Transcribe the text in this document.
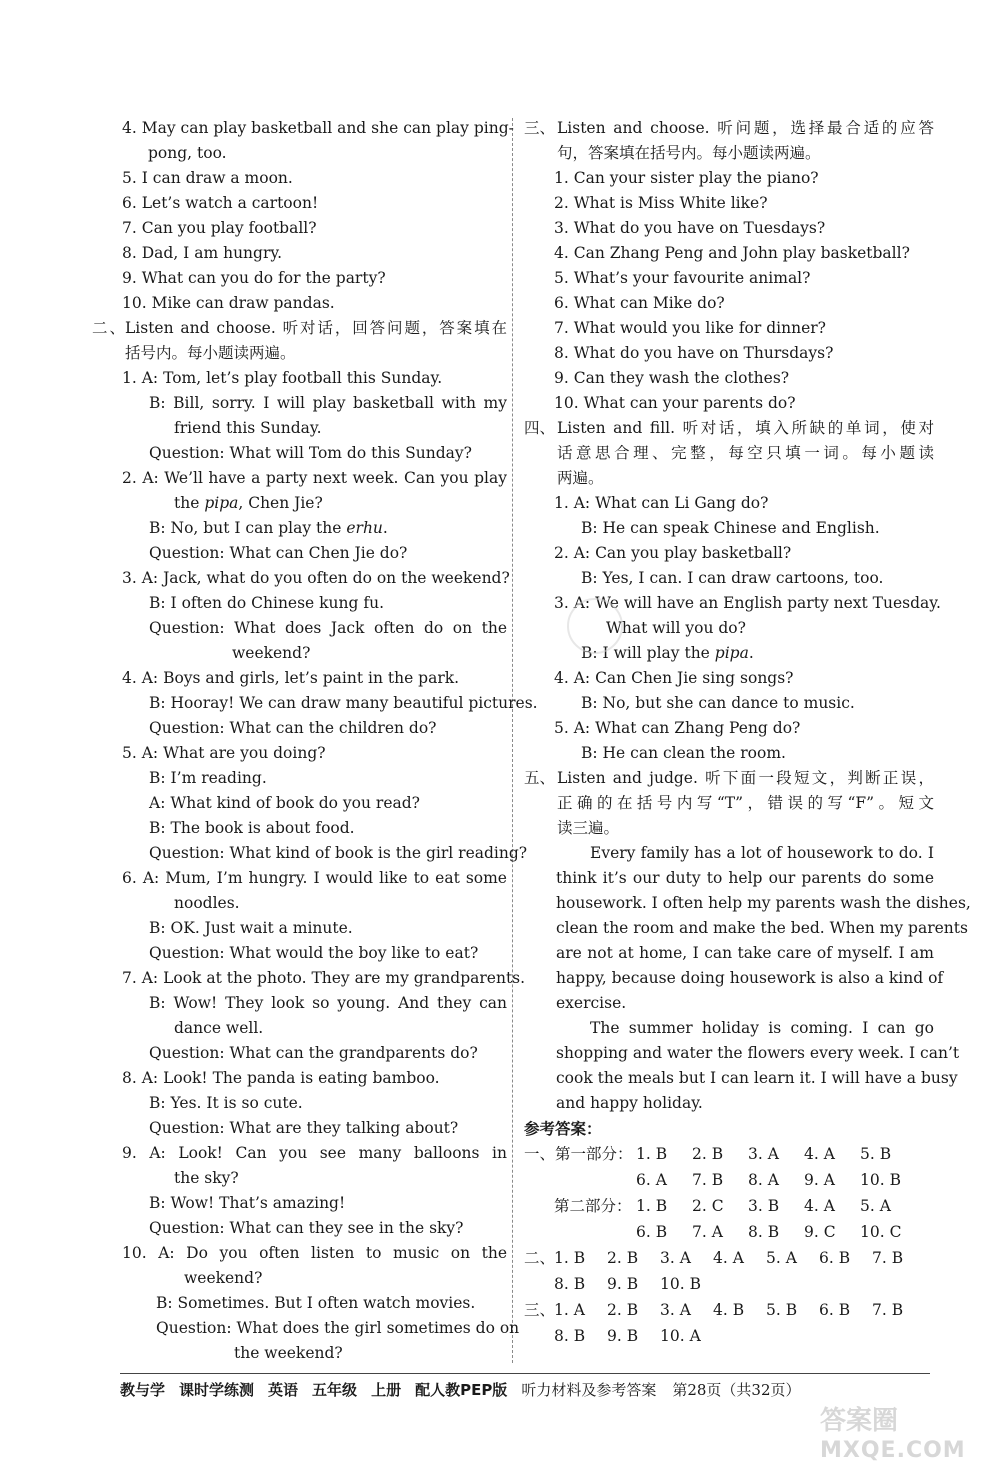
4. May can play basketball and she can play ping-
pong, too.
5. I can draw a moon.
6. Let’s watch a cartoon!
7. Can you play football?
8. Dad, I am hungry.
9. What can you do for the party?
10. Mike can draw pandas.
二、 Listen and choose. 听对话，回答问题，答案填在
括号内。每小题读两遍。
1. A: Tom, let’s play football this Sunday.
B: Bill, sorry. I will play basketball with my
friend this Sunday.
Question: What will Tom do this Sunday?
2. A: We’ll have a party next week. Can you play
the pipa, Chen Jie?
B: No, but I can play the erhu.
Question: What can Chen Jie do?
3. A: Jack, what do you often do on the weekend?
B: I often do Chinese kung fu.
Question: What does Jack often do on the
weekend?
4. A: Boys and girls, let’s paint in the park.
B: Hooray! We can draw many beautiful pictures.
Question: What can the children do?
5. A: What are you doing?
B: I’m reading.
A: What kind of book do you read?
B: The book is about food.
Question: What kind of book is the girl reading?
6. A: Mum, I’m hungry. I would like to eat some
noodles.
B: OK. Just wait a minute.
Question: What would the boy like to eat?
7. A: Look at the photo. They are my grandparents.
B: Wow! They look so young. And they can
dance well.
Question: What can the grandparents do?
8. A: Look! The panda is eating bamboo.
B: Yes. It is so cute.
Question: What are they talking about?
9. A: Look! Can you see many balloons in
the sky?
B: Wow! That’s amazing!
Question: What can they see in the sky?
10. A: Do you often listen to music on the
weekend?
B: Sometimes. But I often watch movies.
Question: What does the girl sometimes do on
the weekend?
三、 Listen and choose. 听问题，选择最合适的应答
句，答案填在括号内。每小题读两遍。
1. Can your sister play the piano?
2. What is Miss White like?
3. What do you have on Tuesdays?
4. Can Zhang Peng and John play basketball?
5. What’s your favourite animal?
6. What can Mike do?
7. What would you like for dinner?
8. What do you have on Thursdays?
9. Can they wash the clothes?
10. What can your parents do?
四、 Listen and fill. 听对话，填入所缺的单词，使对
话意思合理、完整，每空只填一词。每小题读
两遍。
1. A: What can Li Gang do?
B: He can speak Chinese and English.
2. A: Can you play basketball?
B: Yes, I can. I can draw cartoons, too.
3. A: We will have an English party next Tuesday.
What will you do?
B: I will play the pipa.
4. A: Can Chen Jie sing songs?
B: No, but she can dance to music.
5. A: What can Zhang Peng do?
B: He can clean the room.
五、 Listen and judge. 听下面一段短文，判断正误，
正确的在括号内写“T”，错误的写“F”。短文
读三遍。
Every family has a lot of housework to do. I
think it’s our duty to help our parents do some
housework. I often help my parents wash the dishes,
clean the room and make the bed. When my parents
are not at home, I can take care of myself. I am
happy, because doing housework is also a kind of
exercise.
The summer holiday is coming. I can go
shopping and water the flowers every week. I can’t
cook the meals but I can learn it. I will have a busy
and happy holiday.
参考答案：
一、第一部分： 1. B	2. B	3. A	4. A	5. B
6. A	7. B	8. A	9. A	10. B
第二部分： 1. B	2. C	3. B	4. A	5. A
6. B	7. A	8. B	9. C	10. C
二、
1. B	2. B	3. A	4. A	5. A	6. B	7. B
8. B	9. B	10. B
三、
1. A	2. B	3. A	4. B	5. B	6. B	7. B
8. B	9. B	10. A
教与学 课时学练测 英语 五年级 上册 配人教PEP版 听力材料及参考答案 第28页（共32页）
答案圈
MXQE.COM
